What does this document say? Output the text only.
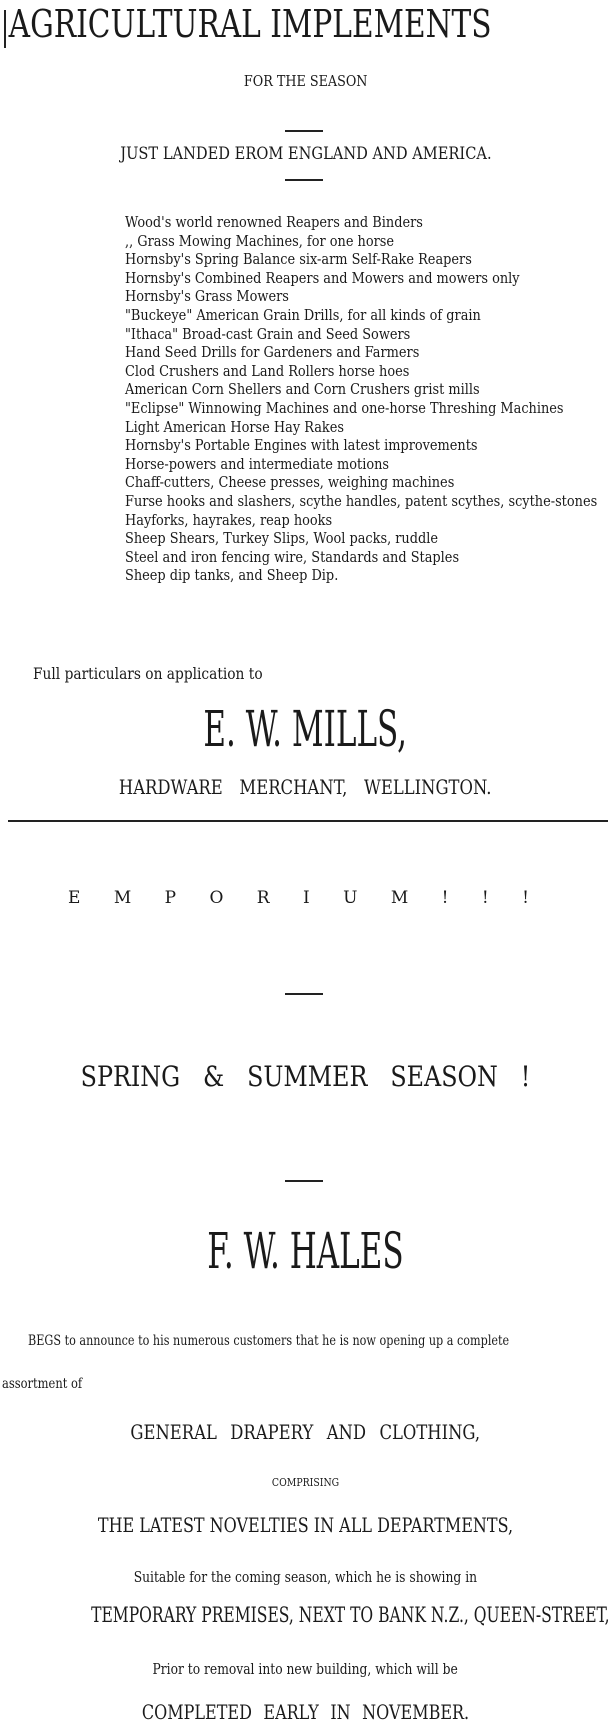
AGRICULTURAL IMPLEMENTS
FOR THE SEASON
JUST LANDED EROM ENGLAND AND AMERICA.
Wood's world renowned Reapers and Binders
,, Grass Mowing Machines, for one horse
Hornsby's Spring Balance six-arm Self-Rake Reapers
Hornsby's Combined Reapers and Mowers and mowers only
Hornsby's Grass Mowers
"Buckeye" American Grain Drills, for all kinds of grain
"Ithaca" Broad-cast Grain and Seed Sowers
Hand Seed Drills for Gardeners and Farmers
Clod Crushers and Land Rollers horse hoes
American Corn Shellers and Corn Crushers grist mills
"Eclipse" Winnowing Machines and one-horse Threshing Machines
Light American Horse Hay Rakes
Hornsby's Portable Engines with latest improvements
Horse-powers and intermediate motions
Chaff-cutters, Cheese presses, weighing machines
Furse hooks and slashers, scythe handles, patent scythes, scythe-stones
Hayforks, hayrakes, reap hooks
Sheep Shears, Turkey Slips, Wool packs, ruddle
Steel and iron fencing wire, Standards and Staples
Sheep dip tanks, and Sheep Dip.
Full particulars on application to
E. W. MILLS,
HARDWARE MERCHANT, WELLINGTON.
E M P O R I U M ! ! !
SPRING & SUMMER SEASON !
F. W. HALES
BEGS to announce to his numerous customers that he is now opening up a complete
assortment of
GENERAL DRAPERY AND CLOTHING,
COMPRISING
THE LATEST NOVELTIES IN ALL DEPARTMENTS,
Suitable for the coming season, which he is showing in
TEMPORARY PREMISES, NEXT TO BANK N.Z., QUEEN-STREET,
Prior to removal into new building, which will be
COMPLETED EARLY IN NOVEMBER.
